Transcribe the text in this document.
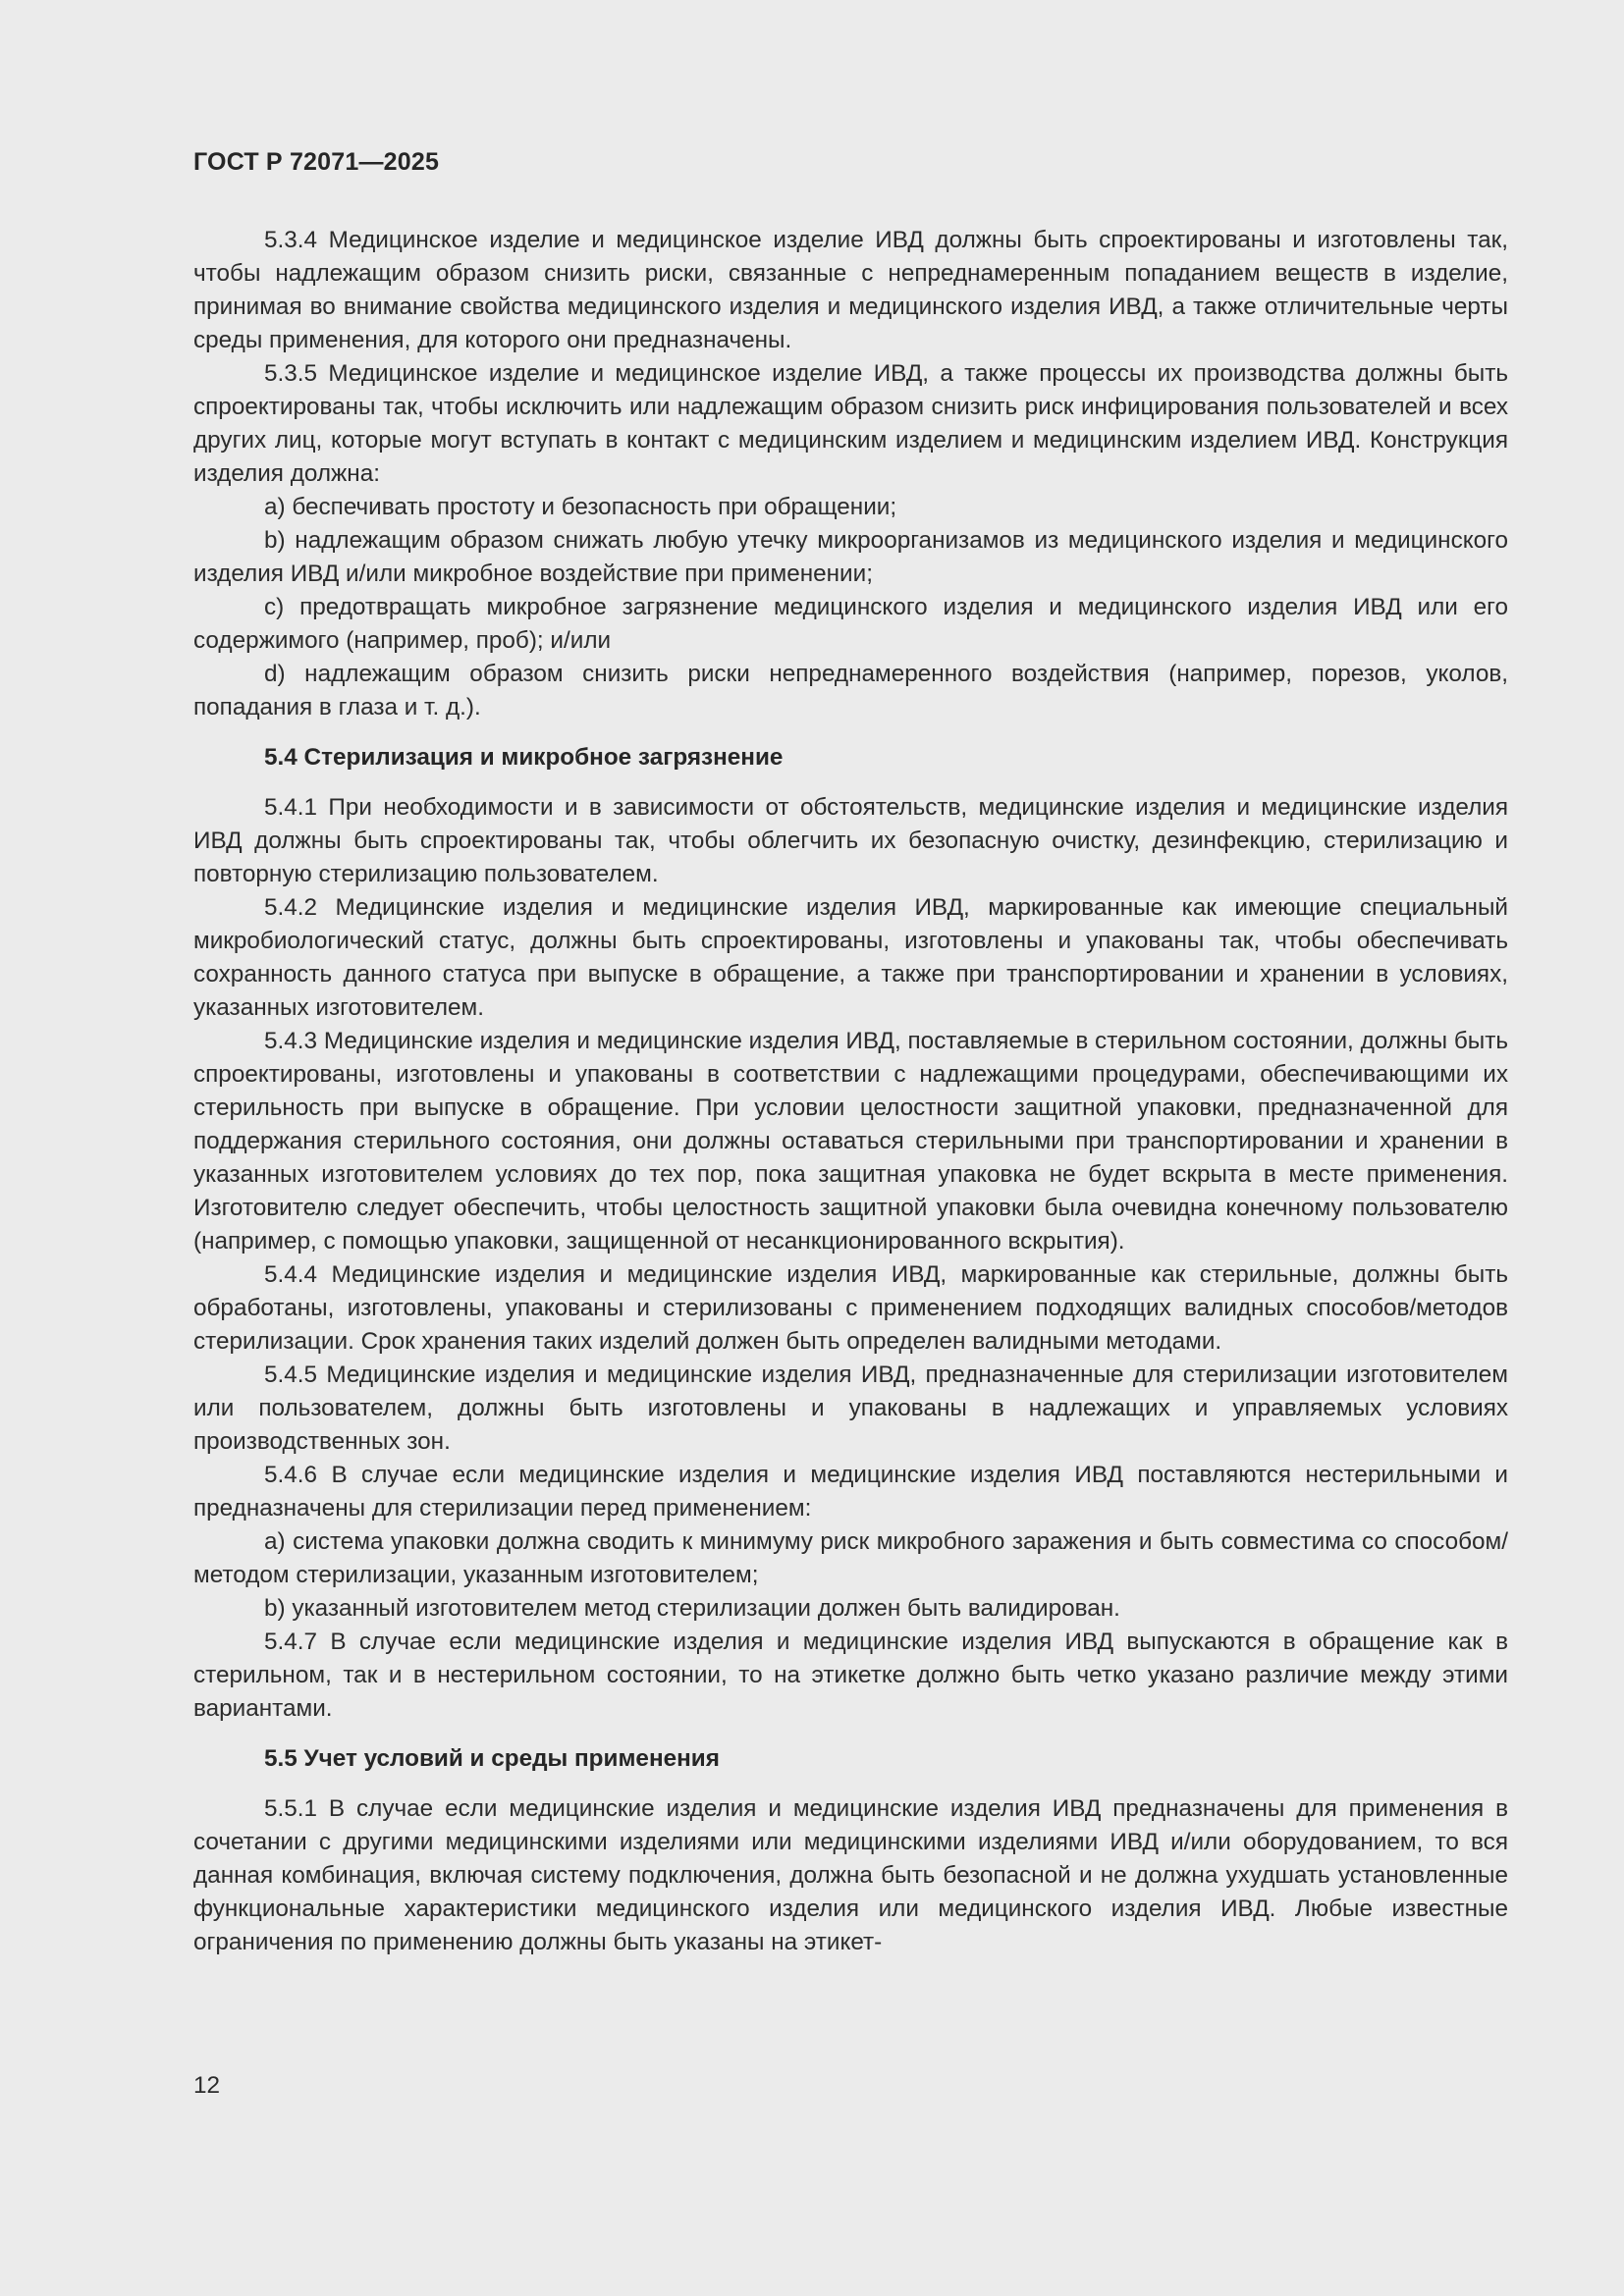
ГОСТ Р 72071—2025

5.3.4 Медицинское изделие и медицинское изделие ИВД должны быть спроектированы и изготовлены так, чтобы надлежащим образом снизить риски, связанные с непреднамеренным попаданием веществ в изделие, принимая во внимание свойства медицинского изделия и медицинского изделия ИВД, а также отличительные черты среды применения, для которого они предназначены.

5.3.5 Медицинское изделие и медицинское изделие ИВД, а также процессы их производства должны быть спроектированы так, чтобы исключить или надлежащим образом снизить риск инфицирования пользователей и всех других лиц, которые могут вступать в контакт с медицинским изделием и медицинским изделием ИВД. Конструкция изделия должна:

a) беспечивать простоту и безопасность при обращении;

b) надлежащим образом снижать любую утечку микроорганизамов из медицинского изделия и медицинского изделия ИВД и/или микробное воздействие при применении;

c) предотвращать микробное загрязнение медицинского изделия и медицинского изделия ИВД или его содержимого (например, проб); и/или

d) надлежащим образом снизить риски непреднамеренного воздействия (например, порезов, уколов, попадания в глаза и т. д.).

5.4 Стерилизация и микробное загрязнение

5.4.1 При необходимости и в зависимости от обстоятельств, медицинские изделия и медицинские изделия ИВД должны быть спроектированы так, чтобы облегчить их безопасную очистку, дезинфекцию, стерилизацию и повторную стерилизацию пользователем.

5.4.2 Медицинские изделия и медицинские изделия ИВД, маркированные как имеющие специальный микробиологический статус, должны быть спроектированы, изготовлены и упакованы так, чтобы обеспечивать сохранность данного статуса при выпуске в обращение, а также при транспортировании и хранении в условиях, указанных изготовителем.

5.4.3 Медицинские изделия и медицинские изделия ИВД, поставляемые в стерильном состоянии, должны быть спроектированы, изготовлены и упакованы в соответствии с надлежащими процедурами, обеспечивающими их стерильность при выпуске в обращение. При условии целостности защитной упаковки, предназначенной для поддержания стерильного состояния, они должны оставаться стерильными при транспортировании и хранении в указанных изготовителем условиях до тех пор, пока защитная упаковка не будет вскрыта в месте применения. Изготовителю следует обеспечить, чтобы целостность защитной упаковки была очевидна конечному пользователю (например, с помощью упаковки, защищенной от несанкционированного вскрытия).

5.4.4 Медицинские изделия и медицинские изделия ИВД, маркированные как стерильные, должны быть обработаны, изготовлены, упакованы и стерилизованы с применением подходящих валидных способов/методов стерилизации. Срок хранения таких изделий должен быть определен валидными методами.

5.4.5 Медицинские изделия и медицинские изделия ИВД, предназначенные для стерилизации изготовителем или пользователем, должны быть изготовлены и упакованы в надлежащих и управляемых условиях производственных зон.

5.4.6 В случае если медицинские изделия и медицинские изделия ИВД поставляются нестерильными и предназначены для стерилизации перед применением:

a) система упаковки должна сводить к минимуму риск микробного заражения и быть совместима со способом/методом стерилизации, указанным изготовителем;

b) указанный изготовителем метод стерилизации должен быть валидирован.

5.4.7 В случае если медицинские изделия и медицинские изделия ИВД выпускаются в обращение как в стерильном, так и в нестерильном состоянии, то на этикетке должно быть четко указано различие между этими вариантами.

5.5 Учет условий и среды применения

5.5.1 В случае если медицинские изделия и медицинские изделия ИВД предназначены для применения в сочетании с другими медицинскими изделиями или медицинскими изделиями ИВД и/или оборудованием, то вся данная комбинация, включая систему подключения, должна быть безопасной и не должна ухудшать установленные функциональные характеристики медицинского изделия или медицинского изделия ИВД. Любые известные ограничения по применению должны быть указаны на этикет-

12
